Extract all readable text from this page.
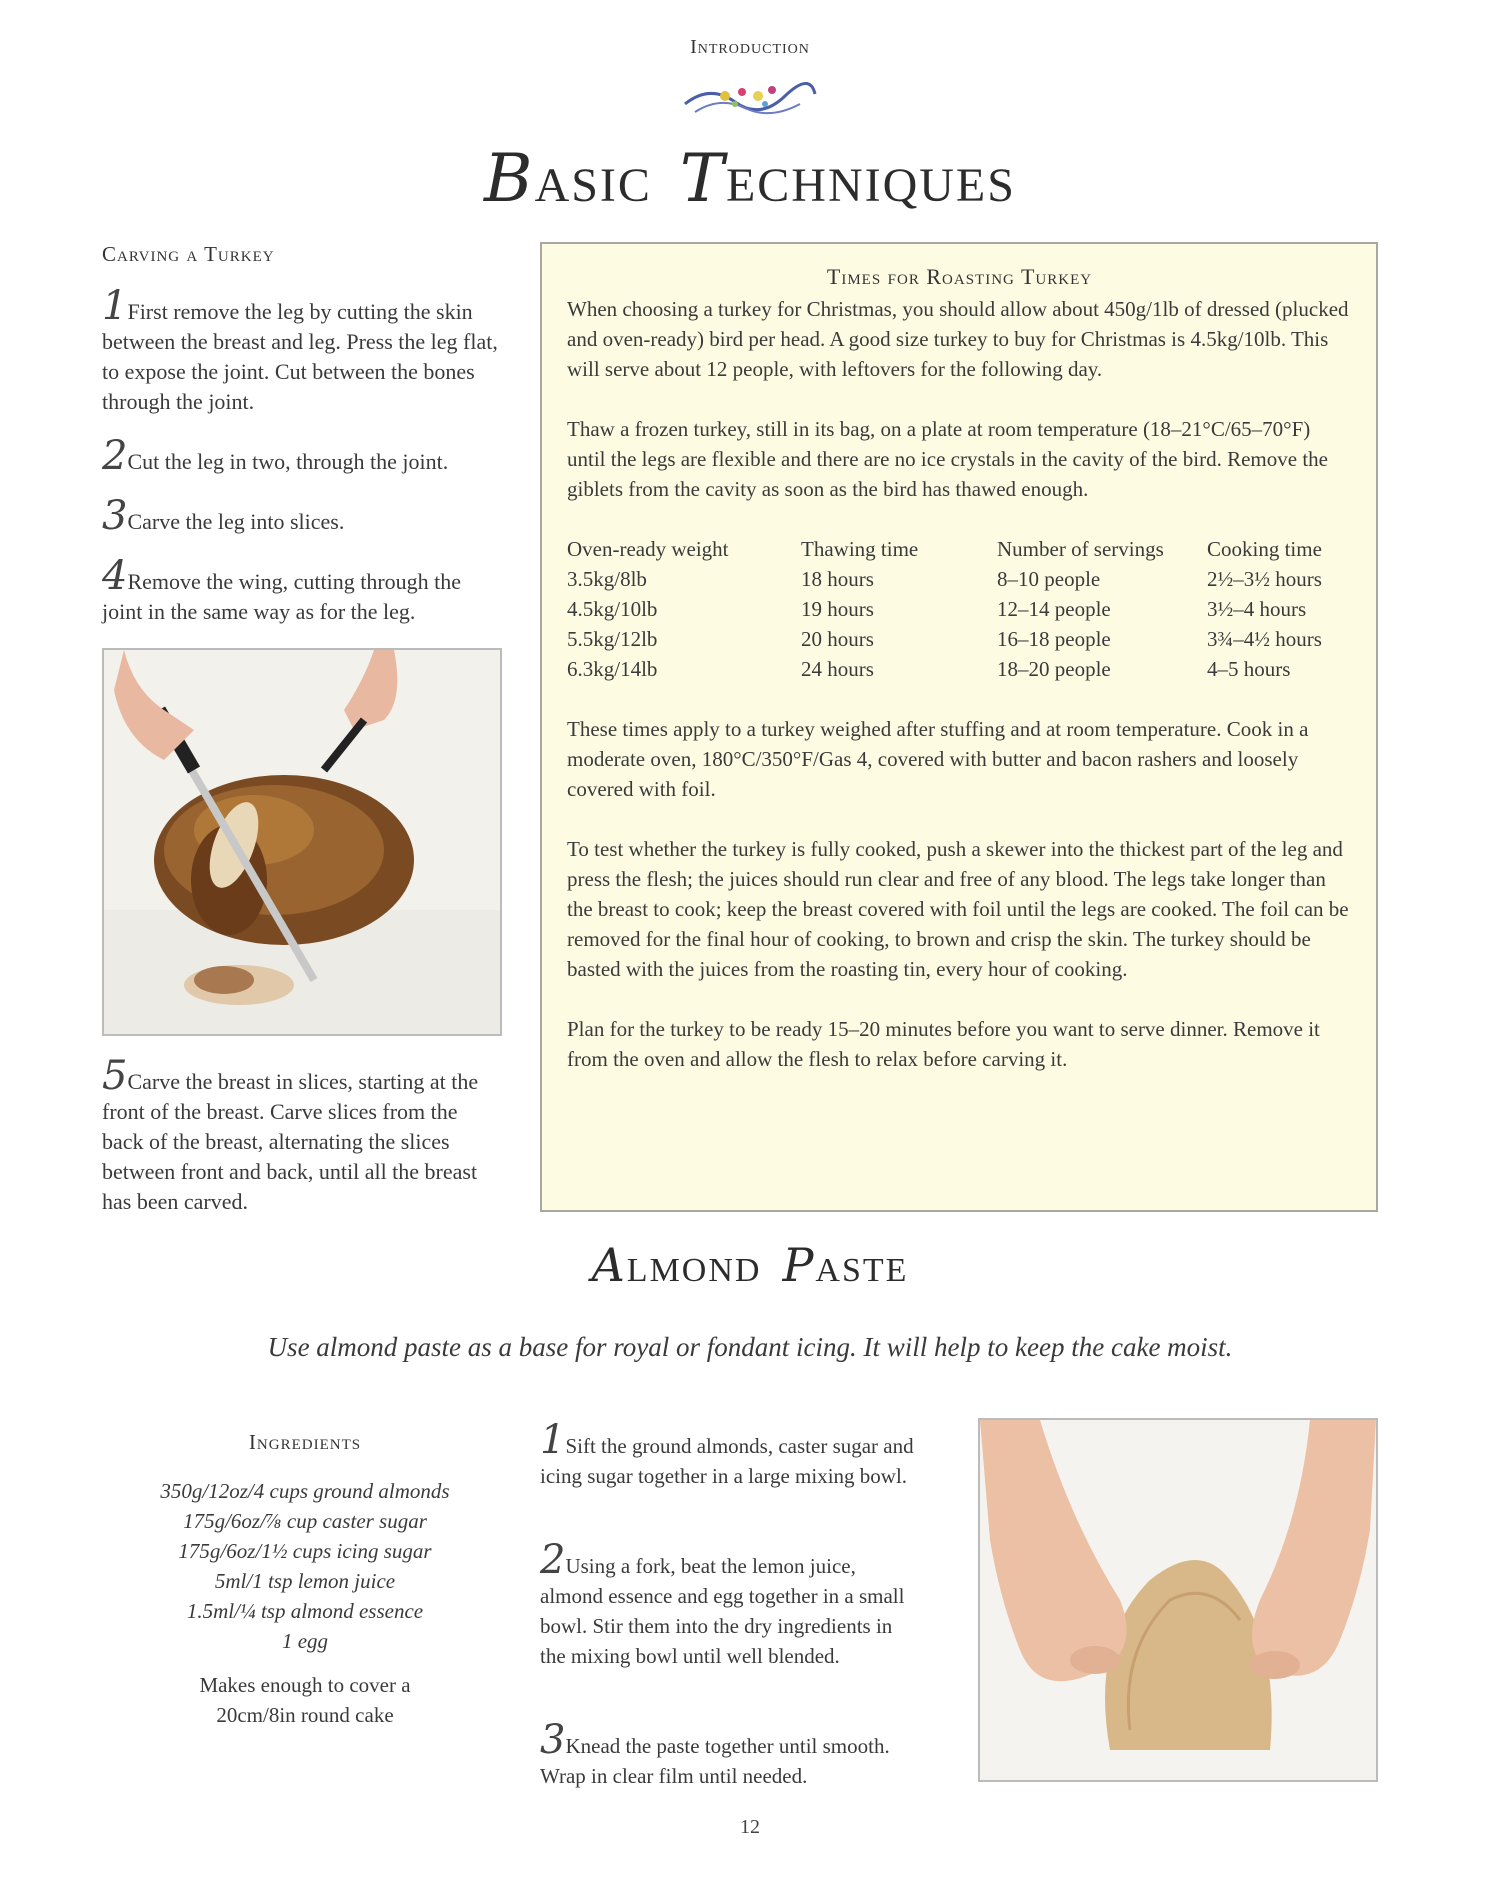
Introduction
BASIC TECHNIQUES
Carving a Turkey
1First remove the leg by cutting the skin between the breast and leg. Press the leg flat, to expose the joint. Cut between the bones through the joint.
2Cut the leg in two, through the joint.
3Carve the leg into slices.
4Remove the wing, cutting through the joint in the same way as for the leg.
5Carve the breast in slices, starting at the front of the breast. Carve slices from the back of the breast, alternating the slices between front and back, until all the breast has been carved.
Times for Roasting Turkey

When choosing a turkey for Christmas, you should allow about 450g/1lb of dressed (plucked and oven-ready) bird per head. A good size turkey to buy for Christmas is 4.5kg/10lb. This will serve about 12 people, with leftovers for the following day.

Thaw a frozen turkey, still in its bag, on a plate at room temperature (18–21°C/65–70°F) until the legs are flexible and there are no ice crystals in the cavity of the bird. Remove the giblets from the cavity as soon as the bird has thawed enough.

Oven-ready weight	Thawing time	Number of servings	Cooking time
3.5kg/8lb	18 hours	8–10 people	2½–3½ hours
4.5kg/10lb	19 hours	12–14 people	3½–4 hours
5.5kg/12lb	20 hours	16–18 people	3¾–4½ hours
6.3kg/14lb	24 hours	18–20 people	4–5 hours

These times apply to a turkey weighed after stuffing and at room temperature. Cook in a moderate oven, 180°C/350°F/Gas 4, covered with butter and bacon rashers and loosely covered with foil.

To test whether the turkey is fully cooked, push a skewer into the thickest part of the leg and press the flesh; the juices should run clear and free of any blood. The legs take longer than the breast to cook; keep the breast covered with foil until the legs are cooked. The foil can be removed for the final hour of cooking, to brown and crisp the skin. The turkey should be basted with the juices from the roasting tin, every hour of cooking.

Plan for the turkey to be ready 15–20 minutes before you want to serve dinner. Remove it from the oven and allow the flesh to relax before carving it.

ALMOND PASTE
Use almond paste as a base for royal or fondant icing. It will help to keep the cake moist.
Ingredients
350g/12oz/4 cups ground almonds
175g/6oz/⅞ cup caster sugar
175g/6oz/1½ cups icing sugar
5ml/1 tsp lemon juice
1.5ml/¼ tsp almond essence
1 egg
Makes enough to cover a 20cm/8in round cake
1Sift the ground almonds, caster sugar and icing sugar together in a large mixing bowl.
2Using a fork, beat the lemon juice, almond essence and egg together in a small bowl. Stir them into the dry ingredients in the mixing bowl until well blended.
3Knead the paste together until smooth. Wrap in clear film until needed.
12
